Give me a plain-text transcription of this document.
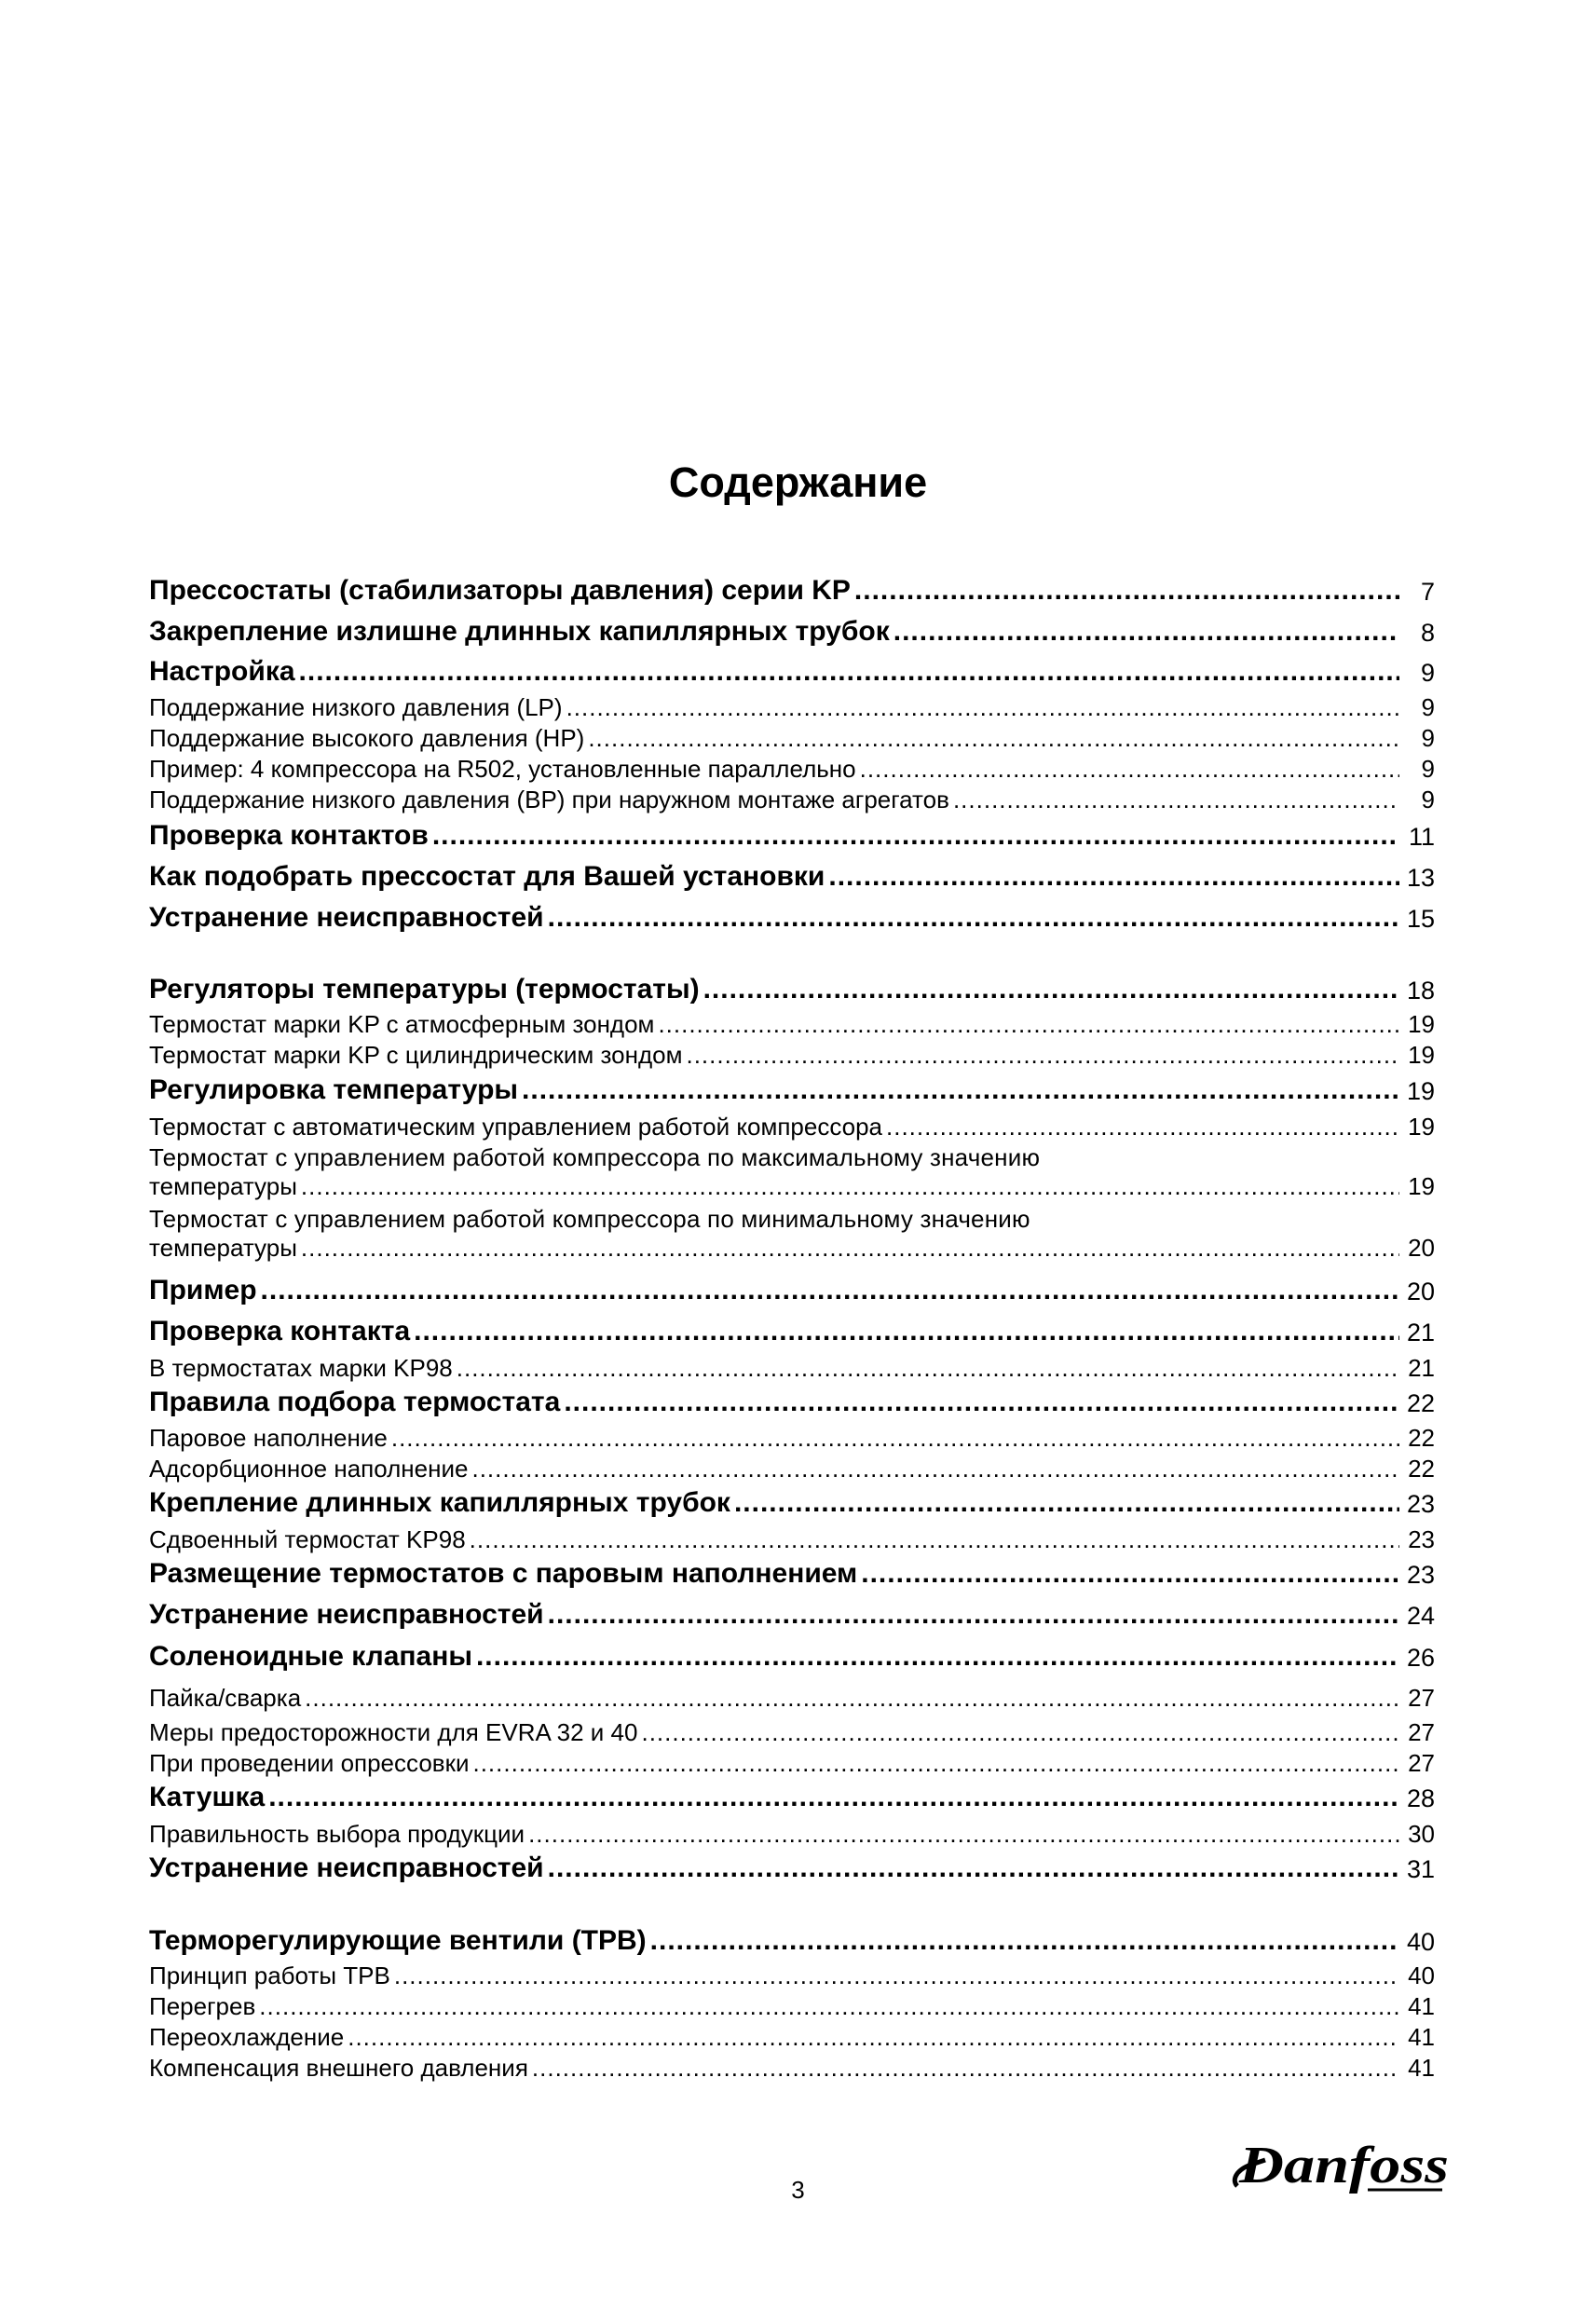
Содержание
Прессостаты (стабилизаторы давления) серии KP .....	7
Закрепление излишне длинных капиллярных трубок .....	8
Настройка .....	9
Поддержание низкого давления (LP) .....	9
Поддержание высокого давления (HP) .....	9
Пример: 4 компрессора на R502, установленные параллельно .....	9
Поддержание низкого давления (BP) при наружном монтаже агрегатов .....	9
Проверка контактов .....	11
Как подобрать прессостат для Вашей установки .....	13
Устранение неисправностей .....	15
Регуляторы температуры (термостаты) .....	18
Термостат марки KP с атмосферным зондом .....	19
Термостат марки KP с цилиндрическим зондом .....	19
Регулировка температуры .....	19
Термостат с автоматическим управлением работой компрессора .....	19
Термостат с управлением работой компрессора по максимальному значению
температуры .....	19
Термостат с управлением работой компрессора по минимальному значению
температуры .....	20
Пример .....	20
Проверка контакта .....	21
В термостатах марки KP98 .....	21
Правила подбора термостата .....	22
Паровое наполнение .....	22
Адсорбционное наполнение .....	22
Крепление длинных капиллярных трубок .....	23
Сдвоенный термостат KP98 .....	23
Размещение термостатов с паровым наполнением .....	23
Устранение неисправностей .....	24
Соленоидные клапаны .....	26
Пайка/сварка .....	27
Меры предосторожности для EVRA 32 и 40 .....	27
При проведении опрессовки .....	27
Катушка .....	28
Правильность выбора продукции .....	30
Устранение неисправностей .....	31
Терморегулирующие вентили (ТРВ) .....	40
Принцип работы ТРВ .....	40
Перегрев .....	41
Переохлаждение .....	41
Компенсация внешнего давления .....	41
3	Danfoss
